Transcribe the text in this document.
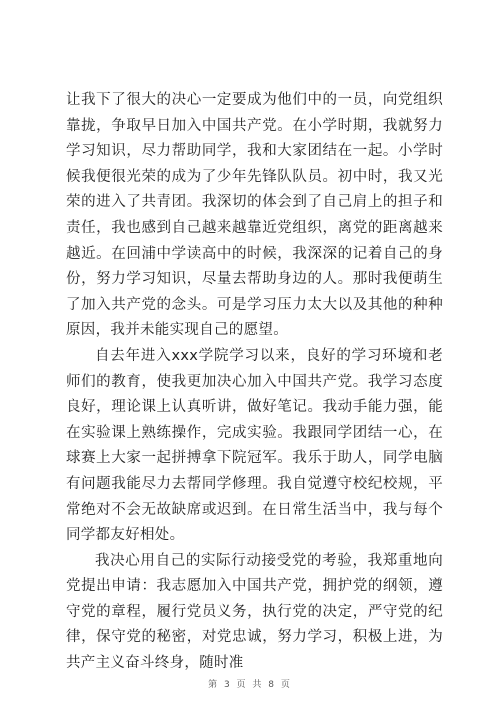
让我下了很大的决心一定要成为他们中的一员，向党组织靠拢，争取早日加入中国共产党。在小学时期，我就努力学习知识，尽力帮助同学，我和大家团结在一起。小学时候我便很光荣的成为了少年先锋队队员。初中时，我又光荣的进入了共青团。我深切的体会到了自己肩上的担子和责任，我也感到自己越来越靠近党组织，离党的距离越来越近。在回浦中学读高中的时候，我深深的记着自己的身份，努力学习知识，尽量去帮助身边的人。那时我便萌生了加入共产党的念头。可是学习压力太大以及其他的种种原因，我并未能实现自己的愿望。

自去年进入xxx学院学习以来，良好的学习环境和老师们的教育，使我更加决心加入中国共产党。我学习态度良好，理论课上认真听讲，做好笔记。我动手能力强，能在实验课上熟练操作，完成实验。我跟同学团结一心，在球赛上大家一起拼搏拿下院冠军。我乐于助人，同学电脑有问题我能尽力去帮同学修理。我自觉遵守校纪校规，平常绝对不会无故缺席或迟到。在日常生活当中，我与每个同学都友好相处。

我决心用自己的实际行动接受党的考验，我郑重地向党提出申请：我志愿加入中国共产党，拥护党的纲领，遵守党的章程，履行党员义务，执行党的决定，严守党的纪律，保守党的秘密，对党忠诚，努力学习，积极上进，为共产主义奋斗终身，随时准

第 3 页 共 8 页
